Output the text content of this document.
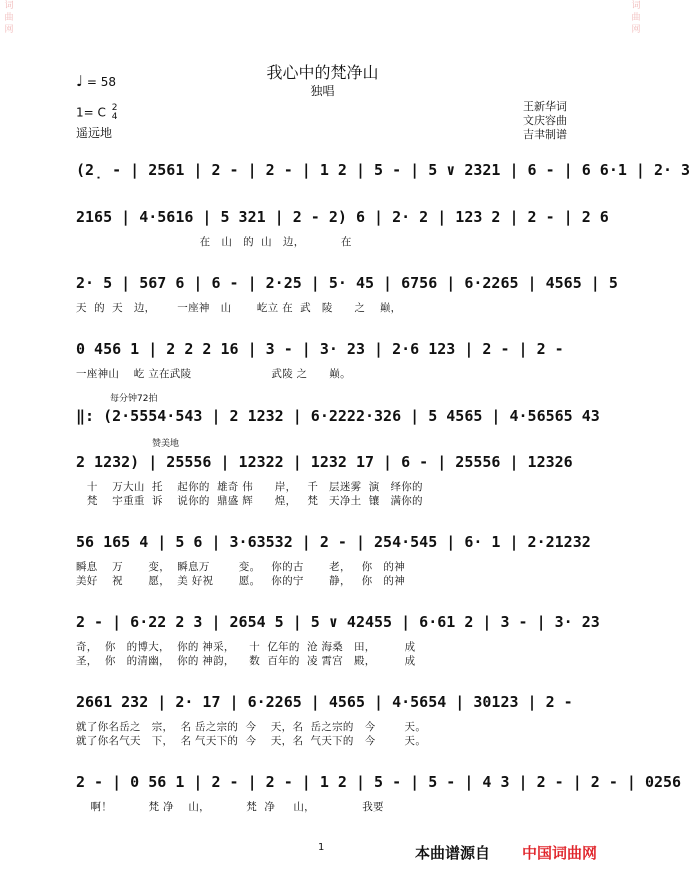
词曲网
词曲网
我心中的梵净山
独唱
♩ = 58
1= C 2
4
遥远地
王新华词
文庆容曲
吉聿制谱
(2̣ - | 2561 | 2 - | 2 - | 1 2 | 5 - | 5 ∨ 2321 | 6 - | 6 6·1 | 2· 3
2165 | 4·5616 | 5 321 | 2 - 2) 6 | 2· 2 | 123 2 | 2 - | 2 6
在   山   的  山   边，          在
2· 5 | 567 6 | 6 - | 2·25 | 5· 45 | 6756 | 6·2265 | 4565 | 5
天  的  天   边，      一座神   山       屹立 在  武   陵      之    巅，
0 456 1 | 2 2 2 16 | 3 - | 3· 23 | 2·6 123 | 2 - | 2 -
一座神山    屹 立在武陵                      武陵 之      巅。
每分钟72拍
‖: (2·5554·543 | 2 1232 | 6·2222·326 | 5 4565 | 4·56565 43
赞美地
2 1232) | 25556 | 12322 | 1232 17 | 6 - | 25556 | 12326
十    万大山  托    起你的  雄奇 伟      岸，   千   层迷雾  演   绎你的
梵    宇重重  诉    说你的  鼎盛 辉      煌，   梵   天净土  镶   满你的
56 165 4 | 5 6 | 3·63532 | 2 - | 254·545 | 6· 1 | 2·21232
瞬息    万       变，  瞬息万        变。   你的古       老，   你   的神
美好    祝       愿，  美 好祝       愿。   你的宁       静，   你   的神
2 - | 6·22 2 3 | 2654 5 | 5 ∨ 42455 | 6·61 2 | 3 - | 3· 23
奇，  你   的博大，  你的 神采，    十  亿年的  沧 海桑   田，        成
圣，  你   的清幽，  你的 神韵，    数  百年的  凌 霄宫   殿，        成
2661 232 | 2· 17 | 6·2265 | 4565 | 4·5654 | 30123 | 2 -
就了你名岳之   宗，  名 岳之宗的  今    天，名  岳之宗的   今        天。
就了你名气天   下，  名 气天下的  今    天，名  气天下的   今        天。
2 - | 0 56 1 | 2 - | 2 - | 1 2 | 5 - | 5 - | 4 3 | 2 - | 2 - | 0256
啊！          梵 净    山，          梵  净     山，             我要
1	本曲谱源自 中国词曲网
